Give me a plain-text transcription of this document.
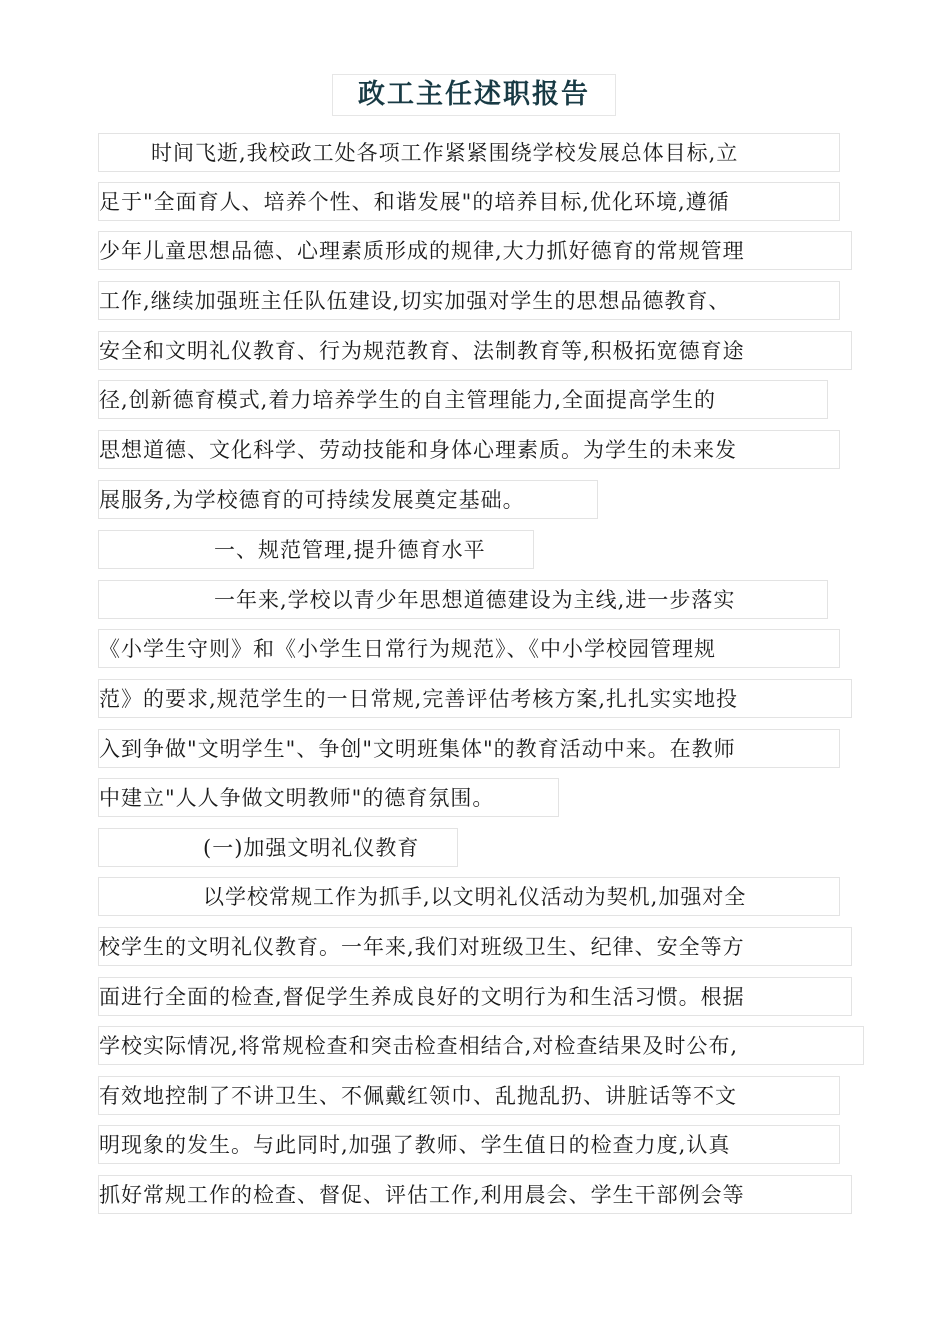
政工主任述职报告
时间飞逝,我校政工处各项工作紧紧围绕学校发展总体目标,立
足于"全面育人、培养个性、和谐发展"的培养目标,优化环境,遵循
少年儿童思想品德、心理素质形成的规律,大力抓好德育的常规管理
工作,继续加强班主任队伍建设,切实加强对学生的思想品德教育、
安全和文明礼仪教育、行为规范教育、法制教育等,积极拓宽德育途
径,创新德育模式,着力培养学生的自主管理能力,全面提高学生的
思想道德、文化科学、劳动技能和身体心理素质。为学生的未来发
展服务,为学校德育的可持续发展奠定基础。
一、规范管理,提升德育水平
一年来,学校以青少年思想道德建设为主线,进一步落实
《小学生守则》和《小学生日常行为规范》、《中小学校园管理规
范》的要求,规范学生的一日常规,完善评估考核方案,扎扎实实地投
入到争做"文明学生"、争创"文明班集体"的教育活动中来。在教师
中建立"人人争做文明教师"的德育氛围。
(一)加强文明礼仪教育
以学校常规工作为抓手,以文明礼仪活动为契机,加强对全
校学生的文明礼仪教育。一年来,我们对班级卫生、纪律、安全等方
面进行全面的检查,督促学生养成良好的文明行为和生活习惯。根据
学校实际情况,将常规检查和突击检查相结合,对检查结果及时公布,
有效地控制了不讲卫生、不佩戴红领巾、乱抛乱扔、讲脏话等不文
明现象的发生。与此同时,加强了教师、学生值日的检查力度,认真
抓好常规工作的检查、督促、评估工作,利用晨会、学生干部例会等
